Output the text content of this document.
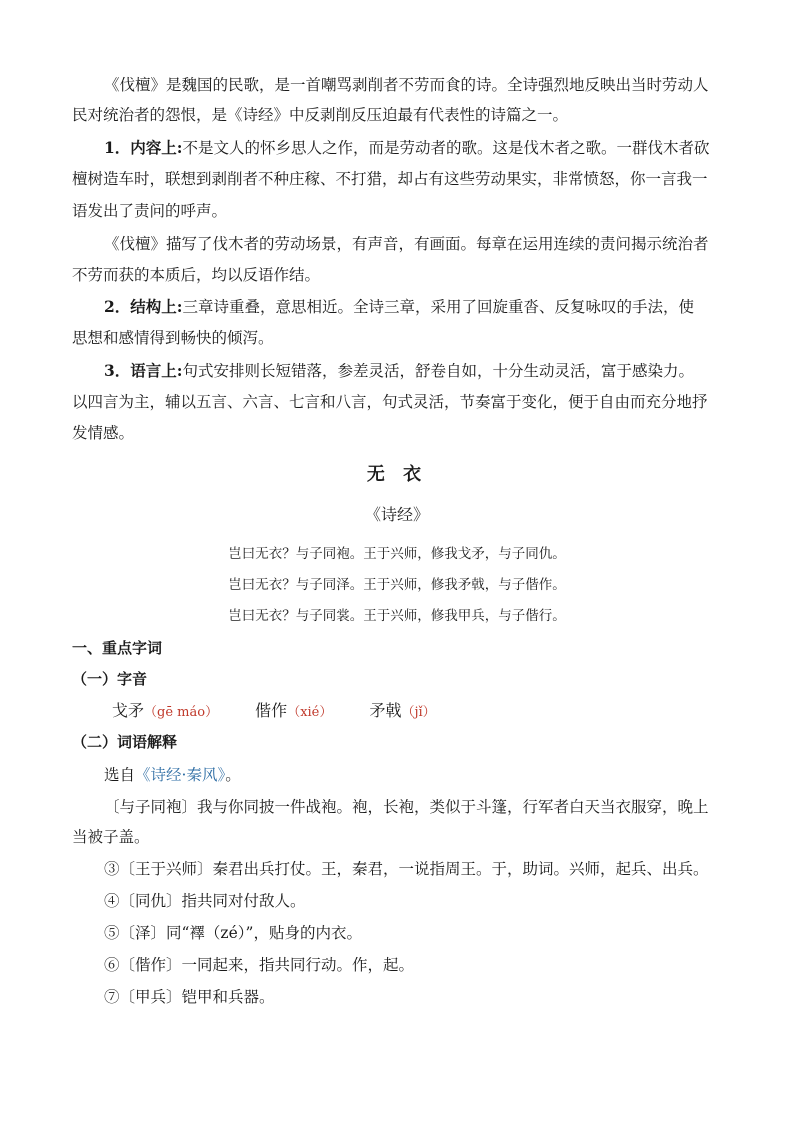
《伐檀》是魏国的民歌，是一首嘲骂剥削者不劳而食的诗。全诗强烈地反映出当时劳动人
民对统治者的怨恨，是《诗经》中反剥削反压迫最有代表性的诗篇之一。
1．内容上:不是文人的怀乡思人之作，而是劳动者的歌。这是伐木者之歌。一群伐木者砍
檀树造车时，联想到剥削者不种庄稼、不打猎，却占有这些劳动果实，非常愤怒，你一言我一
语发出了责问的呼声。
《伐檀》描写了伐木者的劳动场景，有声音，有画面。每章在运用连续的责问揭示统治者
不劳而获的本质后，均以反语作结。
2．结构上:三章诗重叠，意思相近。全诗三章，采用了回旋重沓、反复咏叹的手法，使
思想和感情得到畅快的倾泻。
3．语言上:句式安排则长短错落，参差灵活，舒卷自如，十分生动灵活，富于感染力。
以四言为主，辅以五言、六言、七言和八言，句式灵活，节奏富于变化，便于自由而充分地抒
发情感。
无 衣
《诗经》
岂曰无衣？与子同袍。王于兴师，修我戈矛，与子同仇。
岂曰无衣？与子同泽。王于兴师，修我矛戟，与子偕作。
岂曰无衣？与子同裳。王于兴师，修我甲兵，与子偕行。
一、重点字词
（一）字音
戈矛（gē máo） 偕作（xié） 矛戟（jǐ）
（二）词语解释
选自《诗经·秦风》。
〔与子同袍〕我与你同披一件战袍。袍，长袍，类似于斗篷，行军者白天当衣服穿，晚上
当被子盖。
③〔王于兴师〕秦君出兵打仗。王，秦君，一说指周王。于，助词。兴师，起兵、出兵。
④〔同仇〕指共同对付敌人。
⑤〔泽〕同“襗（zé）”，贴身的内衣。
⑥〔偕作〕一同起来，指共同行动。作，起。
⑦〔甲兵〕铠甲和兵器。
